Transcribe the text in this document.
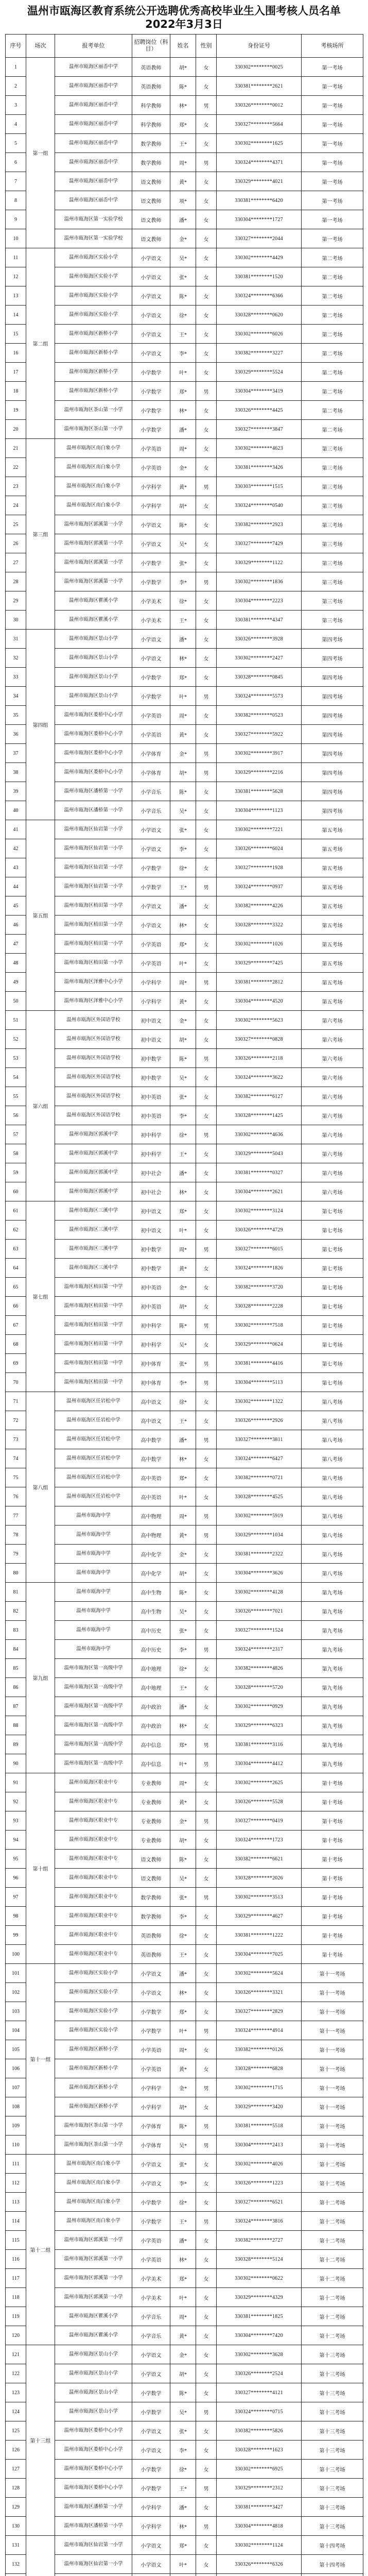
温州市瓯海区教育系统公开选聘优秀高校毕业生入围考核人员名单
2022年3月3日
序号	场次	报考单位	招聘岗位（科目）	姓名	性别	身份证号	考核场所
1	第一组	温州市瓯海区丽岙中学	英语教师	胡*	女	330302********0025	第一考场
2		温州市瓯海区丽岙中学	英语教师	陈*	女	330381********2621	第一考场
3		温州市瓯海区丽岙中学	科学教师	林*	男	330326********0012	第一考场
4		温州市瓯海区丽岙中学	科学教师	郑*	女	330327********5664	第一考场
5		温州市瓯海区丽岙中学	数学教师	王*	女	330302********1625	第一考场
6		温州市瓯海区丽岙中学	数学教师	周*	男	330324********4371	第一考场
7		温州市瓯海区丽岙中学	语文教师	黄*	女	330329********4021	第一考场
8		温州市瓯海区丽岙中学	语文教师	项*	女	330381********6420	第一考场
9		温州市瓯海区第一实验学校	语文教师	潘*	女	330304********1727	第一考场
10		温州市瓯海区第一实验学校	语文教师	金*	女	330327********2044	第一考场
11	第二组	温州市瓯海区实验小学	小学语文	吴*	女	330302********4429	第二考场
12		温州市瓯海区实验小学	小学语文	张*	女	330381********1520	第二考场
13		温州市瓯海区实验小学	小学语文	陈*	女	330324********6366	第二考场
14		温州市瓯海区实验小学	小学语文	徐*	女	330328********0620	第二考场
15		温州市瓯海区新桥小学	小学语文	王*	女	330302********6026	第二考场
16		温州市瓯海区新桥小学	小学语文	李*	女	330382********3227	第二考场
17		温州市瓯海区新桥小学	小学数学	叶*	女	330329********5524	第二考场
18		温州市瓯海区新桥小学	小学数学	郑*	男	330304********3419	第二考场
19		温州市瓯海区茶山第一小学	小学数学	林*	女	330326********4425	第二考场
20		温州市瓯海区茶山第一小学	小学数学	潘*	女	330327********3847	第二考场
21	第三组	温州市瓯海区南白象小学	小学英语	周*	女	330302********4623	第三考场
22		温州市瓯海区南白象小学	小学英语	金*	女	330381********3426	第三考场
23		温州市瓯海区南白象小学	小学科学	黄*	男	330303********1515	第三考场
24		温州市瓯海区南白象小学	小学科学	胡*	女	330324********0540	第三考场
25		温州市瓯海区郭溪第一小学	小学语文	陈*	女	330382********2923	第三考场
26		温州市瓯海区郭溪第一小学	小学语文	吴*	女	330327********7429	第三考场
27		温州市瓯海区郭溪第一小学	小学数学	张*	女	330329********1122	第三考场
28		温州市瓯海区郭溪第一小学	小学数学	李*	男	330302********1836	第三考场
29		温州市瓯海区瞿溪小学	小学美术	徐*	女	330304********2223	第三考场
30		温州市瓯海区瞿溪小学	小学美术	王*	女	330381********4347	第三考场
31	第四组	温州市瓯海区景山小学	小学语文	潘*	女	330326********3928	第四考场
32		温州市瓯海区景山小学	小学语文	林*	女	330302********2427	第四考场
33		温州市瓯海区景山小学	小学数学	郑*	女	330328********0845	第四考场
34		温州市瓯海区景山小学	小学数学	叶*	男	330324********5573	第四考场
35		温州市瓯海区娄桥中心小学	小学英语	周*	女	330382********0523	第四考场
36		温州市瓯海区娄桥中心小学	小学英语	黄*	女	330327********5922	第四考场
37		温州市瓯海区娄桥中心小学	小学体育	金*	男	330302********3917	第四考场
38		温州市瓯海区娄桥中心小学	小学体育	胡*	男	330329********2216	第四考场
39		温州市瓯海区潘桥第一小学	小学音乐	陈*	女	330381********5628	第四考场
40		温州市瓯海区潘桥第一小学	小学音乐	吴*	女	330304********1123	第四考场
41	第五组	温州市瓯海区仙岩第一小学	小学语文	张*	女	330302********7221	第五考场
42		温州市瓯海区仙岩第一小学	小学语文	李*	女	330326********6024	第五考场
43		温州市瓯海区仙岩第一小学	小学数学	徐*	女	330327********1928	第五考场
44		温州市瓯海区仙岩第一小学	小学数学	王*	男	330324********0937	第五考场
45		温州市瓯海区梧田第一小学	小学语文	潘*	女	330382********4226	第五考场
46		温州市瓯海区梧田第一小学	小学语文	林*	女	330328********3322	第五考场
47		温州市瓯海区梧田第一小学	小学英语	郑*	女	330302********1026	第五考场
48		温州市瓯海区梧田第一小学	小学英语	叶*	女	330329********7425	第五考场
49		温州市瓯海区泽雅中心小学	小学科学	周*	男	330381********2812	第五考场
50		温州市瓯海区泽雅中心小学	小学科学	黄*	女	330304********4520	第五考场
51	第六组	温州市瓯海区外国语学校	初中语文	金*	女	330302********5623	第六考场
52		温州市瓯海区外国语学校	初中语文	胡*	女	330327********0828	第六考场
53		温州市瓯海区外国语学校	初中数学	陈*	男	330326********2118	第六考场
54		温州市瓯海区外国语学校	初中数学	吴*	女	330324********3622	第六考场
55		温州市瓯海区外国语学校	初中英语	张*	女	330382********6127	第六考场
56		温州市瓯海区外国语学校	初中英语	李*	女	330328********1425	第六考场
57		温州市瓯海区郭溪中学	初中科学	徐*	男	330302********4636	第六考场
58		温州市瓯海区郭溪中学	初中科学	王*	女	330329********5043	第六考场
59		温州市瓯海区郭溪中学	初中社会	潘*	女	330381********0327	第六考场
60		温州市瓯海区郭溪中学	初中社会	林*	女	330304********2621	第六考场
61	第七组	温州市瓯海区三溪中学	初中语文	郑*	女	330302********3124	第七考场
62		温州市瓯海区三溪中学	初中语文	叶*	女	330326********4729	第七考场
63		温州市瓯海区三溪中学	初中数学	周*	男	330327********6015	第七考场
64		温州市瓯海区三溪中学	初中数学	黄*	女	330324********1826	第七考场
65		温州市瓯海区梧田第一中学	初中英语	金*	女	330382********3720	第七考场
66		温州市瓯海区梧田第一中学	初中英语	胡*	女	330328********2228	第七考场
67		温州市瓯海区梧田第一中学	初中科学	陈*	男	330302********7518	第七考场
68		温州市瓯海区梧田第一中学	初中科学	吴*	女	330329********0624	第七考场
69		温州市瓯海区梧田第一中学	初中体育	张*	男	330381********4416	第七考场
70		温州市瓯海区梧田第一中学	初中体育	李*	男	330304********5113	第七考场
71	第八组	温州市瓯海区任岩松中学	高中语文	徐*	女	330302********1322	第八考场
72		温州市瓯海区任岩松中学	高中语文	王*	女	330326********2926	第八考场
73		温州市瓯海区任岩松中学	高中数学	潘*	男	330327********3811	第八考场
74		温州市瓯海区任岩松中学	高中数学	林*	女	330324********6427	第八考场
75		温州市瓯海区任岩松中学	高中英语	郑*	女	330382********0721	第八考场
76		温州市瓯海区任岩松中学	高中英语	叶*	女	330328********4525	第八考场
77		温州市瓯海中学	高中物理	周*	男	330302********5919	第八考场
78		温州市瓯海中学	高中物理	黄*	男	330329********1034	第八考场
79		温州市瓯海中学	高中化学	金*	女	330381********2322	第八考场
80		温州市瓯海中学	高中化学	胡*	女	330304********3626	第八考场
81	第九组	温州市瓯海中学	高中生物	陈*	女	330302********4128	第九考场
82		温州市瓯海中学	高中生物	吴*	女	330326********7021	第九考场
83		温州市瓯海中学	高中历史	张*	女	330327********1524	第九考场
84		温州市瓯海中学	高中历史	李*	男	330324********2317	第九考场
85		温州市瓯海区第一高级中学	高中地理	徐*	女	330382********4826	第九考场
86		温州市瓯海区第一高级中学	高中地理	王*	女	330328********5720	第九考场
87		温州市瓯海区第一高级中学	高中政治	潘*	女	330302********0929	第九考场
88		温州市瓯海区第一高级中学	高中政治	林*	女	330329********6323	第九考场
89		温州市瓯海区第一高级中学	高中信息	郑*	男	330381********3116	第九考场
90		温州市瓯海区第一高级中学	高中信息	叶*	男	330304********4412	第九考场
91	第十组	温州市瓯海区职业中专	专业教师	周*	女	330302********2625	第十考场
92		温州市瓯海区职业中专	专业教师	黄*	女	330326********5528	第十考场
93		温州市瓯海区职业中专	专业教师	金*	男	330327********0419	第十考场
94		温州市瓯海区职业中专	专业教师	胡*	女	330324********1723	第十考场
95		温州市瓯海区职业中专	语文教师	陈*	女	330382********6621	第十考场
96		温州市瓯海区职业中专	语文教师	吴*	女	330328********2026	第十考场
97		温州市瓯海区职业中专	数学教师	张*	男	330302********3513	第十考场
98		温州市瓯海区职业中专	数学教师	李*	女	330329********4627	第十考场
99		温州市瓯海区职业中专	英语教师	徐*	女	330381********1222	第十考场
100		温州市瓯海区职业中专	英语教师	王*	女	330304********7025	第十考场
101	第十一组	温州市瓯海区实验小学	小学语文	潘*	女	330302********5624	第十一考场
102		温州市瓯海区实验小学	小学语文	林*	女	330326********3321	第十一考场
103		温州市瓯海区实验小学	小学数学	郑*	女	330327********2829	第十一考场
104		温州市瓯海区实验小学	小学数学	叶*	男	330324********4914	第十一考场
105		温州市瓯海区新桥小学	小学英语	周*	女	330382********0126	第十一考场
106		温州市瓯海区新桥小学	小学英语	黄*	女	330328********6828	第十一考场
107		温州市瓯海区新桥小学	小学科学	金*	男	330302********1715	第十一考场
108		温州市瓯海区新桥小学	小学科学	胡*	女	330329********3420	第十一考场
109		温州市瓯海区茶山第一小学	小学体育	陈*	男	330381********5518	第十一考场
110		温州市瓯海区茶山第一小学	小学体育	吴*	男	330304********2413	第十一考场
111	第十二组	温州市瓯海区南白象小学	小学语文	张*	女	330302********4026	第十二考场
112		温州市瓯海区南白象小学	小学语文	李*	女	330326********1223	第十二考场
113		温州市瓯海区南白象小学	小学数学	徐*	女	330327********6521	第十二考场
114		温州市瓯海区南白象小学	小学数学	王*	男	330324********3816	第十二考场
115		温州市瓯海区郭溪第一小学	小学英语	潘*	女	330382********2727	第十二考场
116		温州市瓯海区郭溪第一小学	小学英语	林*	女	330328********5124	第十二考场
117		温州市瓯海区郭溪第一小学	小学美术	郑*	女	330302********0622	第十二考场
118		温州市瓯海区郭溪第一小学	小学美术	叶*	女	330329********4329	第十二考场
119		温州市瓯海区瞿溪小学	小学音乐	周*	女	330381********1825	第十二考场
120		温州市瓯海区瞿溪小学	小学音乐	黄*	女	330304********7420	第十二考场
121	第十三组	温州市瓯海区景山小学	小学语文	金*	女	330302********3628	第十三考场
122		温州市瓯海区景山小学	小学语文	胡*	女	330326********2524	第十三考场
123		温州市瓯海区景山小学	小学数学	陈*	女	330327********4121	第十三考场
124		温州市瓯海区景山小学	小学数学	吴*	男	330324********0715	第十三考场
125		温州市瓯海区娄桥中心小学	小学语文	张*	女	330382********5826	第十三考场
126		温州市瓯海区娄桥中心小学	小学语文	李*	女	330328********1623	第十三考场
127		温州市瓯海区娄桥中心小学	小学数学	徐*	女	330302********6925	第十三考场
128		温州市瓯海区娄桥中心小学	小学数学	王*	男	330329********2312	第十三考场
129		温州市瓯海区潘桥第一小学	小学科学	潘*	女	330381********3427	第十三考场
130		温州市瓯海区潘桥第一小学	小学科学	林*	男	330304********4818	第十三考场
131		温州市瓯海区仙岩第一小学	小学语文	郑*	女	330302********1124	第十四考场
132		温州市瓯海区仙岩第一小学	小学语文	叶*	女	330326********6326	第十四考场
